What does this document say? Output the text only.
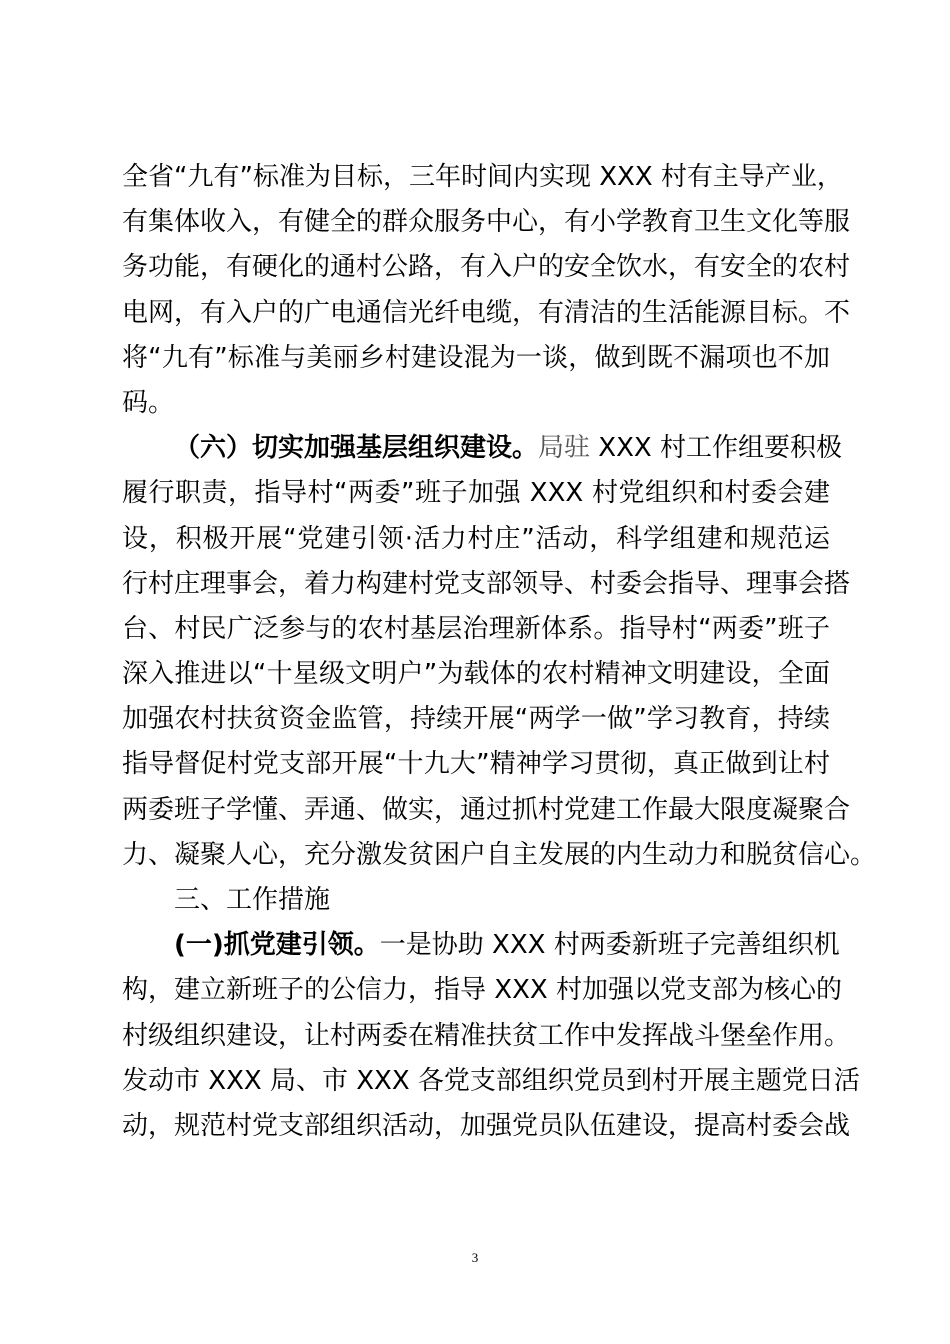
全省“九有”标准为目标，三年时间内实现 XXX 村有主导产业，
有集体收入，有健全的群众服务中心，有小学教育卫生文化等服
务功能，有硬化的通村公路，有入户的安全饮水，有安全的农村
电网，有入户的广电通信光纤电缆，有清洁的生活能源目标。不
将“九有”标准与美丽乡村建设混为一谈，做到既不漏项也不加
码。
（六）切实加强基层组织建设。局驻 XXX 村工作组要积极
履行职责，指导村“两委”班子加强 XXX 村党组织和村委会建
设，积极开展“党建引领·活力村庄”活动，科学组建和规范运
行村庄理事会，着力构建村党支部领导、村委会指导、理事会搭
台、村民广泛参与的农村基层治理新体系。指导村“两委”班子
深入推进以“十星级文明户”为载体的农村精神文明建设，全面
加强农村扶贫资金监管，持续开展“两学一做”学习教育，持续
指导督促村党支部开展“十九大”精神学习贯彻，真正做到让村
两委班子学懂、弄通、做实，通过抓村党建工作最大限度凝聚合
力、凝聚人心，充分激发贫困户自主发展的内生动力和脱贫信心。
三、工作措施
(一)抓党建引领。一是协助 XXX 村两委新班子完善组织机
构，建立新班子的公信力，指导 XXX 村加强以党支部为核心的
村级组织建设，让村两委在精准扶贫工作中发挥战斗堡垒作用。
发动市 XXX 局、市 XXX 各党支部组织党员到村开展主题党日活
动，规范村党支部组织活动，加强党员队伍建设，提高村委会战
3
